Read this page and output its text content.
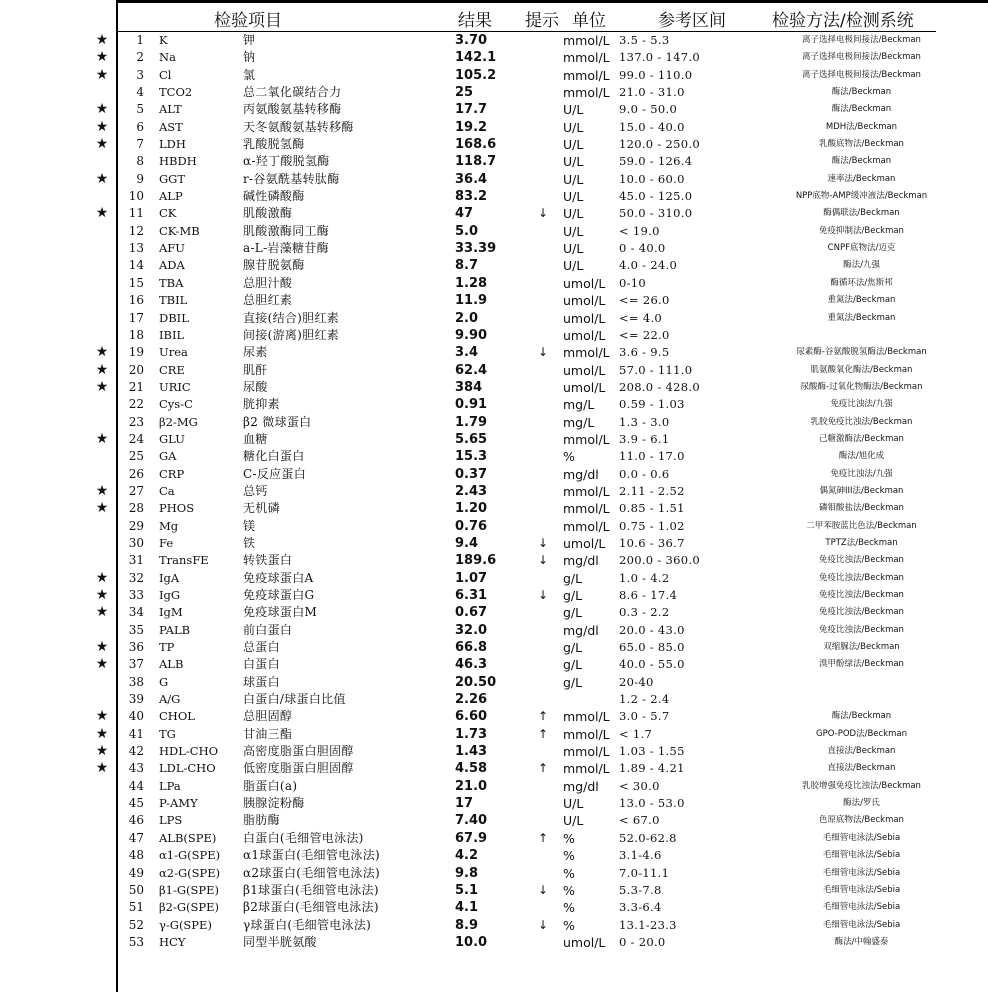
检验项目	结果 提示 单位	参考区间	检验方法/检测系统
★	1 K	钾	3.70	mmol/L 3.5 - 5.3	离子选择电极间接法/Beckman
★	2 Na	钠	142.1	mmol/L 137.0 - 147.0	离子选择电极间接法/Beckman
★	3 Cl	氯	105.2	mmol/L 99.0 - 110.0	离子选择电极间接法/Beckman
4 TCO2	总二氧化碳结合力	25	mmol/L 21.0 - 31.0	酶法/Beckman
★	5 ALT	丙氨酸氨基转移酶	17.7	U/L	9.0 - 50.0	酶法/Beckman
★	6 AST	天冬氨酸氨基转移酶	19.2	U/L	15.0 - 40.0	MDH法/Beckman
★	7 LDH	乳酸脱氢酶	168.6	U/L	120.0 - 250.0	乳酸底物法/Beckman
8 HBDH	α-羟丁酸脱氢酶	118.7	U/L	59.0 - 126.4	酶法/Beckman
★	9 GGT	r-谷氨酰基转肽酶	36.4	U/L	10.0 - 60.0	速率法/Beckman
10 ALP	碱性磷酸酶	83.2	U/L	45.0 - 125.0	NPP底物-AMP缓冲液法/Beckman
★	11 CK	肌酸激酶	47	↓ U/L	50.0 - 310.0	酶偶联法/Beckman
12 CK-MB	肌酸激酶同工酶	5.0	U/L	< 19.0	免疫抑制法/Beckman
13 AFU	a-L-岩藻糖苷酶	33.39	U/L	0 - 40.0	CNPF底物法/迈克
14 ADA	腺苷脱氨酶	8.7	U/L	4.0 - 24.0	酶法/九强
15 TBA	总胆汁酸	1.28	umol/L 0-10	酶循环法/焦斯邦
16 TBIL	总胆红素	11.9	umol/L <= 26.0	重氮法/Beckman
17 DBIL	直接(结合)胆红素	2.0	umol/L <= 4.0	重氮法/Beckman
18 IBIL	间接(游离)胆红素	9.90	umol/L <= 22.0
★	19 Urea	尿素	3.4	↓ mmol/L 3.6 - 9.5	尿素酶-谷氨酸脱氢酶法/Beckman
★	20 CRE	肌酐	62.4	umol/L 57.0 - 111.0	肌氨酸氧化酶法/Beckman
★	21 URIC	尿酸	384	umol/L 208.0 - 428.0	尿酸酶-过氧化物酶法/Beckman
22 Cys-C	胱抑素	0.91	mg/L 0.59 - 1.03	免疫比浊法/九强
23 β2-MG	β2 微球蛋白	1.79	mg/L 1.3 - 3.0	乳胶免疫比浊法/Beckman
★	24 GLU	血糖	5.65	mmol/L 3.9 - 6.1	己糖激酶法/Beckman
25 GA	糖化白蛋白	15.3	%	11.0 - 17.0	酶法/旭化成
26 CRP	C-反应蛋白	0.37	mg/dl 0.0 - 0.6	免疫比浊法/九强
★	27 Ca	总钙	2.43	mmol/L 2.11 - 2.52	偶氮砷III法/Beckman
★	28 PHOS	无机磷	1.20	mmol/L 0.85 - 1.51	磷钼酸盐法/Beckman
29 Mg	镁	0.76	mmol/L 0.75 - 1.02	二甲苯胺蓝比色法/Beckman
30 Fe	铁	9.4	↓ umol/L 10.6 - 36.7	TPTZ法/Beckman
31 TransFE	转铁蛋白	189.6	↓ mg/dl 200.0 - 360.0	免疫比浊法/Beckman
★	32 IgA	免疫球蛋白A	1.07	g/L	1.0 - 4.2	免疫比浊法/Beckman
★	33 IgG	免疫球蛋白G	6.31	↓ g/L	8.6 - 17.4	免疫比浊法/Beckman
★	34 IgM	免疫球蛋白M	0.67	g/L	0.3 - 2.2	免疫比浊法/Beckman
35 PALB	前白蛋白	32.0	mg/dl 20.0 - 43.0	免疫比浊法/Beckman
★	36 TP	总蛋白	66.8	g/L	65.0 - 85.0	双缩脲法/Beckman
★	37 ALB	白蛋白	46.3	g/L	40.0 - 55.0	溴甲酚绿法/Beckman
38 G	球蛋白	20.50	g/L	20-40
39 A/G	白蛋白/球蛋白比值	2.26	1.2 - 2.4
★	40 CHOL	总胆固醇	6.60	↑ mmol/L 3.0 - 5.7	酶法/Beckman
★	41 TG	甘油三酯	1.73	↑ mmol/L < 1.7	GPO-POD法/Beckman
★	42 HDL-CHO 高密度脂蛋白胆固醇	1.43	mmol/L 1.03 - 1.55	直接法/Beckman
★	43 LDL-CHO 低密度脂蛋白胆固醇	4.58	↑ mmol/L 1.89 - 4.21	直接法/Beckman
44 LPa	脂蛋白(a)	21.0	mg/dl < 30.0	乳胶增强免疫比浊法/Beckman
45 P-AMY	胰腺淀粉酶	17	U/L	13.0 - 53.0	酶法/罗氏
46 LPS	脂肪酶	7.40	U/L	< 67.0	色原底物法/Beckman
47 ALB(SPE) 白蛋白(毛细管电泳法)	67.9	↑ %	52.0-62.8	毛细管电泳法/Sebia
48 α1-G(SPE) α1球蛋白(毛细管电泳法)	4.2	%	3.1-4.6	毛细管电泳法/Sebia
49 α2-G(SPE) α2球蛋白(毛细管电泳法)	9.8	%	7.0-11.1	毛细管电泳法/Sebia
50 β1-G(SPE) β1球蛋白(毛细管电泳法)	5.1	↓ %	5.3-7.8	毛细管电泳法/Sebia
51 β2-G(SPE) β2球蛋白(毛细管电泳法)	4.1	%	3.3-6.4	毛细管电泳法/Sebia
52 γ-G(SPE)	γ球蛋白(毛细管电泳法)	8.9	↓ %	13.1-23.3	毛细管电泳法/Sebia
53 HCY	同型半胱氨酸	10.0	umol/L 0 - 20.0	酶法/中翰盛泰
